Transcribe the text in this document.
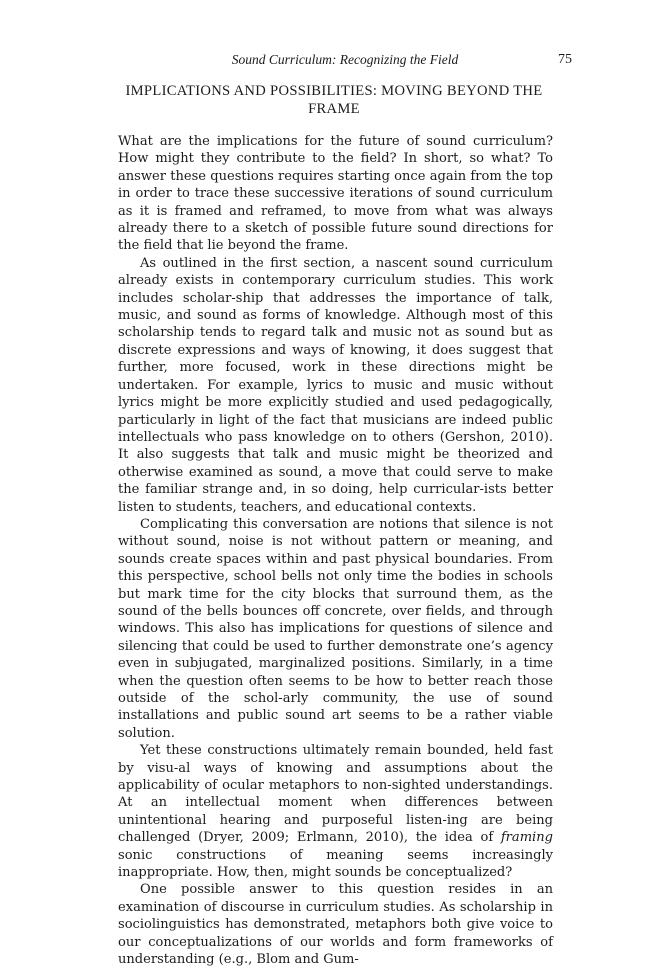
Sound Curriculum: Recognizing the Field	75
IMPLICATIONS AND POSSIBILITIES: MOVING BEYOND THE FRAME

What are the implications for the future of sound curriculum? How might they contribute to the field? In short, so what? To answer these questions requires starting once again from the top in order to trace these successive iterations of sound curriculum as it is framed and reframed, to move from what was always already there to a sketch of possible future sound directions for the field that lie beyond the frame.

As outlined in the first section, a nascent sound curriculum already exists in contemporary curriculum studies. This work includes scholar-ship that addresses the importance of talk, music, and sound as forms of knowledge. Although most of this scholarship tends to regard talk and music not as sound but as discrete expressions and ways of knowing, it does suggest that further, more focused, work in these directions might be undertaken. For example, lyrics to music and music without lyrics might be more explicitly studied and used pedagogically, particularly in light of the fact that musicians are indeed public intellectuals who pass knowledge on to others (Gershon, 2010). It also suggests that talk and music might be theorized and otherwise examined as sound, a move that could serve to make the familiar strange and, in so doing, help curricular-ists better listen to students, teachers, and educational contexts.

Complicating this conversation are notions that silence is not without sound, noise is not without pattern or meaning, and sounds create spaces within and past physical boundaries. From this perspective, school bells not only time the bodies in schools but mark time for the city blocks that surround them, as the sound of the bells bounces off concrete, over fields, and through windows. This also has implications for questions of silence and silencing that could be used to further demonstrate one’s agency even in subjugated, marginalized positions. Similarly, in a time when the question often seems to be how to better reach those outside of the schol-arly community, the use of sound installations and public sound art seems to be a rather viable solution.

Yet these constructions ultimately remain bounded, held fast by visu-al ways of knowing and assumptions about the applicability of ocular metaphors to non-sighted understandings. At an intellectual moment when differences between unintentional hearing and purposeful listen-ing are being challenged (Dryer, 2009; Erlmann, 2010), the idea of framing sonic constructions of meaning seems increasingly inappropriate. How, then, might sounds be conceptualized?

One possible answer to this question resides in an examination of discourse in curriculum studies. As scholarship in sociolinguistics has demonstrated, metaphors both give voice to our conceptualizations of our worlds and form frameworks of understanding (e.g., Blom and Gum-
